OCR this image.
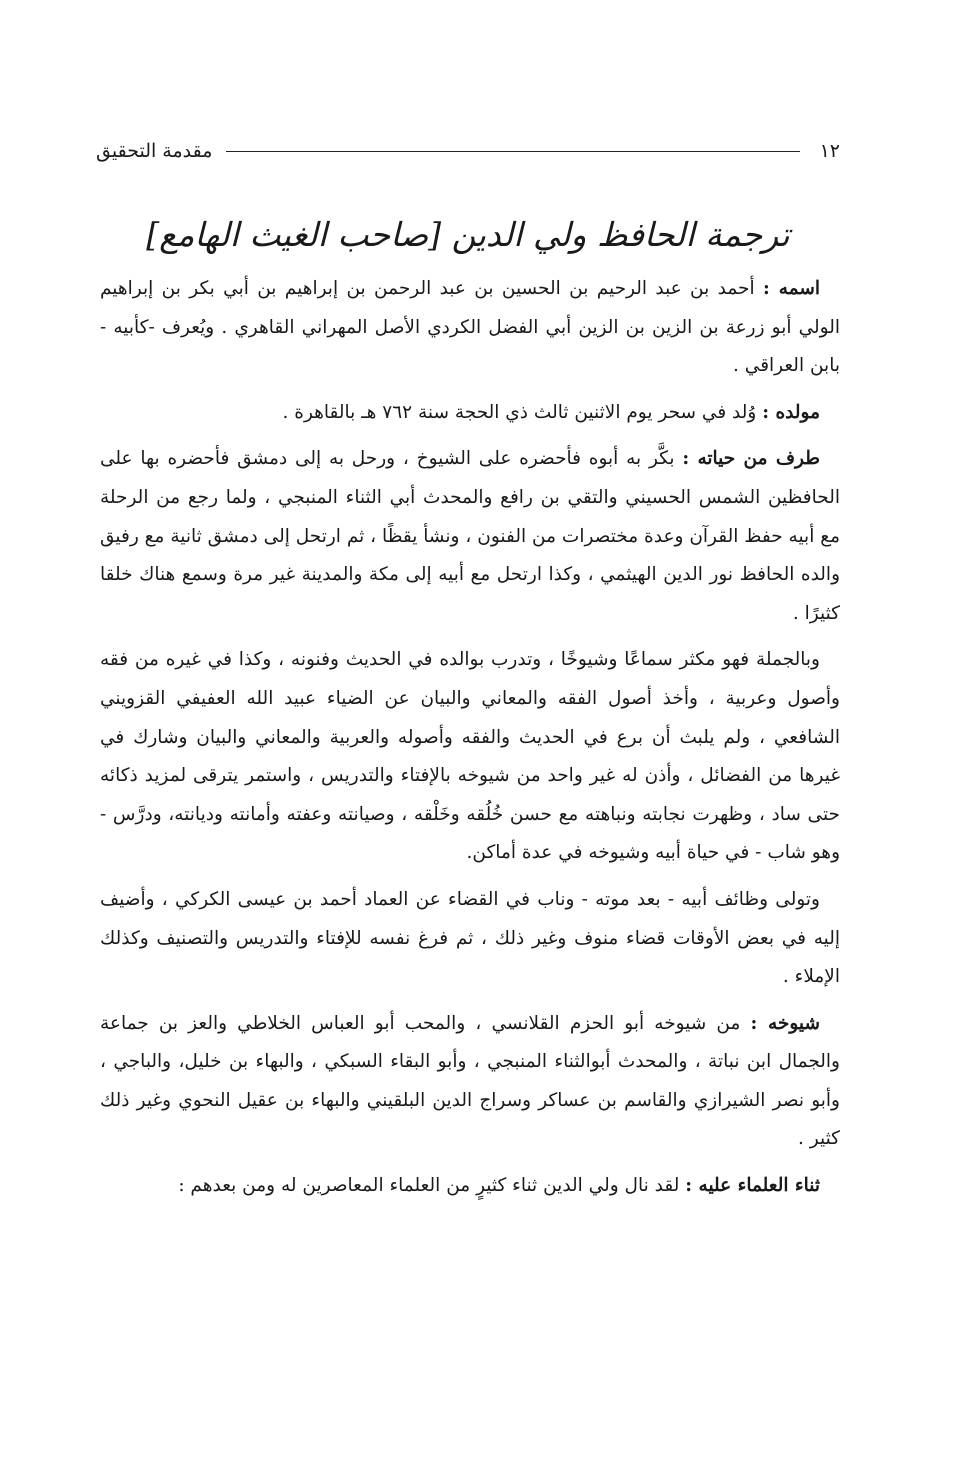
١٢
مقدمة التحقيق
ترجمة الحافظ ولي الدين [صاحب الغيث الهامع]

اسمه : أحمد بن عبد الرحيم بن الحسين بن عبد الرحمن بن إبراهيم بن أبي بكر بن إبراهيم الولي أبو زرعة بن الزين بن الزين أبي الفضل الكردي الأصل المهراني القاهري . ويُعرف -كأبيه - بابن العراقي .

مولده : وُلد في سحر يوم الاثنين ثالث ذي الحجة سنة ٧٦٢ هـ بالقاهرة .

طرف من حياته : بكَّر به أبوه فأحضره على الشيوخ ، ورحل به إلى دمشق فأحضره بها على الحافظين الشمس الحسيني والتقي بن رافع والمحدث أبي الثناء المنبجي ، ولما رجع من الرحلة مع أبيه حفظ القرآن وعدة مختصرات من الفنون ، ونشأ يقظًا ، ثم ارتحل إلى دمشق ثانية مع رفيق والده الحافظ نور الدين الهيثمي ، وكذا ارتحل مع أبيه إلى مكة والمدينة غير مرة وسمع هناك خلقا كثيرًا .

وبالجملة فهو مكثر سماعًا وشيوخًا ، وتدرب بوالده في الحديث وفنونه ، وكذا في غيره من فقه وأصول وعربية ، وأخذ أصول الفقه والمعاني والبيان عن الضياء عبيد الله العفيفي القزويني الشافعي ، ولم يلبث أن برع في الحديث والفقه وأصوله والعربية والمعاني والبيان وشارك في غيرها من الفضائل ، وأذن له غير واحد من شيوخه بالإفتاء والتدريس ، واستمر يترقى لمزيد ذكائه حتى ساد ، وظهرت نجابته ونباهته مع حسن خُلُقه وخَلْقه ، وصيانته وعفته وأمانته وديانته، ودرَّس - وهو شاب - في حياة أبيه وشيوخه في عدة أماكن.

وتولى وظائف أبيه - بعد موته - وناب في القضاء عن العماد أحمد بن عيسى الكركي ، وأضيف إليه في بعض الأوقات قضاء منوف وغير ذلك ، ثم فرغ نفسه للإفتاء والتدريس والتصنيف وكذلك الإملاء .

شيوخه : من شيوخه أبو الحزم القلانسي ، والمحب أبو العباس الخلاطي والعز بن جماعة والجمال ابن نباتة ، والمحدث أبوالثناء المنبجي ، وأبو البقاء السبكي ، والبهاء بن خليل، والباجي ، وأبو نصر الشيرازي والقاسم بن عساكر وسراج الدين البلقيني والبهاء بن عقيل النحوي وغير ذلك كثير .

ثناء العلماء عليه : لقد نال ولي الدين ثناء كثيرٍ من العلماء المعاصرين له ومن بعدهم :
